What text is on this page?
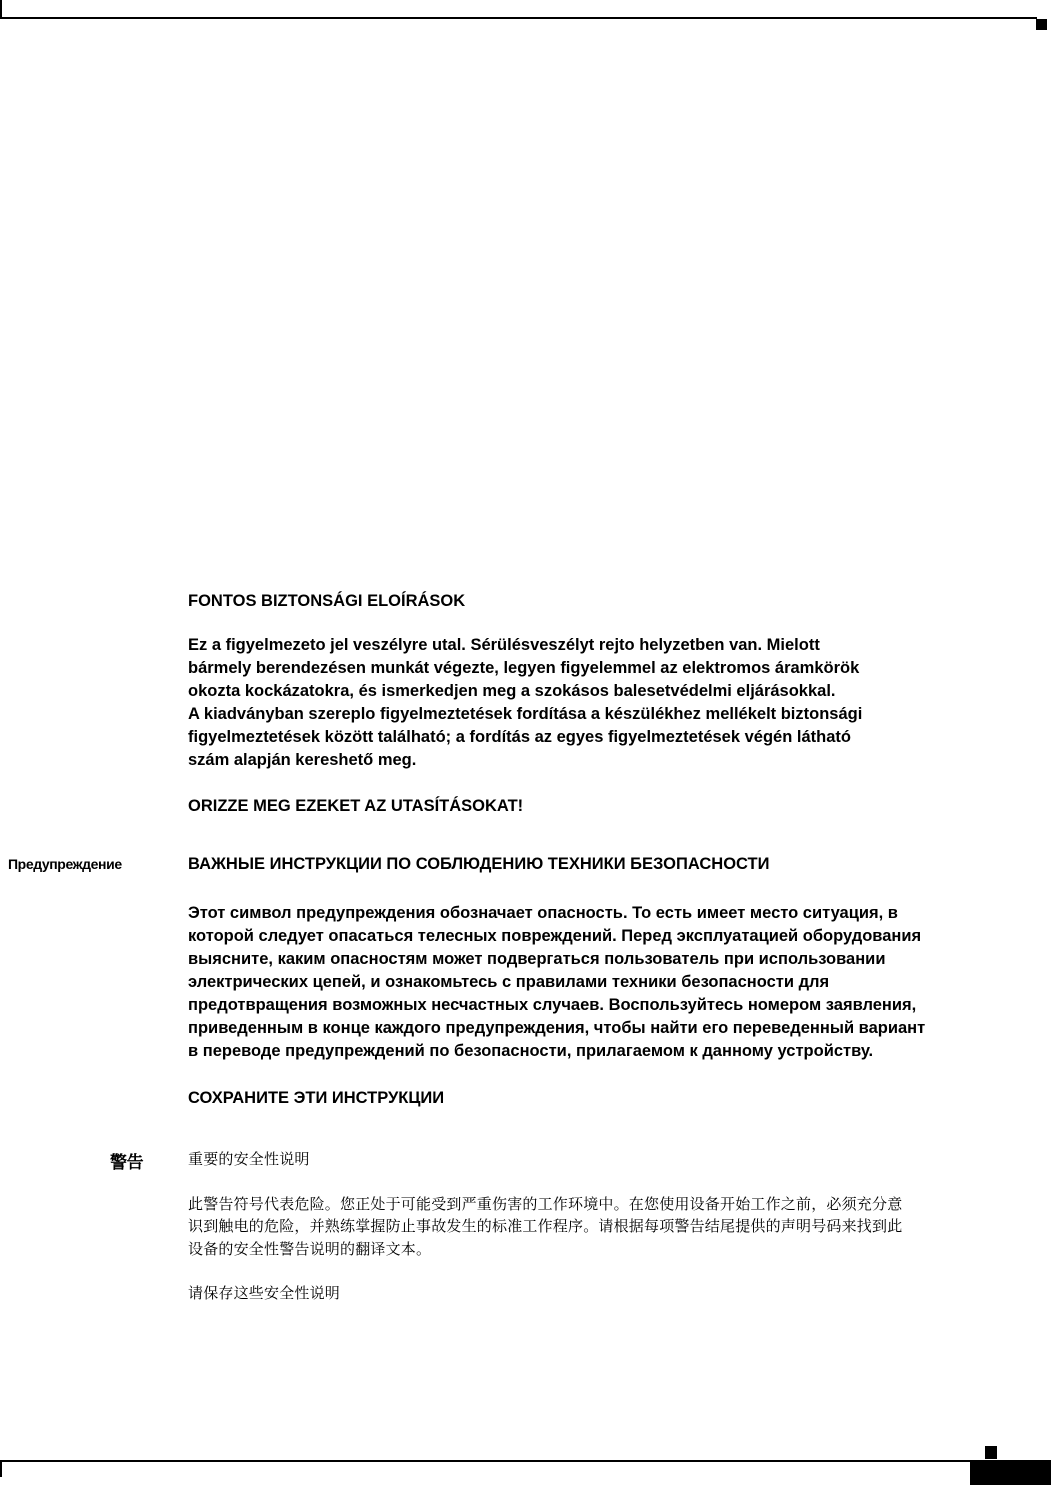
FONTOS BIZTONSÁGI ELOÍRÁSOK

Ez a figyelmezeto jel veszélyre utal. Sérülésveszélyt rejto helyzetben van. Mielott
bármely berendezésen munkát végezte, legyen figyelemmel az elektromos áramkörök
okozta kockázatokra, és ismerkedjen meg a szokásos balesetvédelmi eljárásokkal.
A kiadványban szereplo figyelmeztetések fordítása a készülékhez mellékelt biztonsági
figyelmeztetések között található; a fordítás az egyes figyelmeztetések végén látható
szám alapján kereshető meg.

ORIZZE MEG EZEKET AZ UTASÍTÁSOKAT!

Предупреждение	ВАЖНЫЕ ИНСТРУКЦИИ ПО СОБЛЮДЕНИЮ ТЕХНИКИ БЕЗОПАСНОСТИ

Этот символ предупреждения обозначает опасность. То есть имеет место ситуация, в
которой следует опасаться телесных повреждений. Перед эксплуатацией оборудования
выясните, каким опасностям может подвергаться пользователь при использовании
электрических цепей, и ознакомьтесь с правилами техники безопасности для
предотвращения возможных несчастных случаев. Воспользуйтесь номером заявления,
приведенным в конце каждого предупреждения, чтобы найти его переведенный вариант
в переводе предупреждений по безопасности, прилагаемом к данному устройству.

СОХРАНИТЕ ЭТИ ИНСТРУКЦИИ

警告	重要的安全性说明

此警告符号代表危险。您正处于可能受到严重伤害的工作环境中。在您使用设备开始工作之前，必须充分意
识到触电的危险，并熟练掌握防止事故发生的标准工作程序。请根据每项警告结尾提供的声明号码来找到此
设备的安全性警告说明的翻译文本。

请保存这些安全性说明
